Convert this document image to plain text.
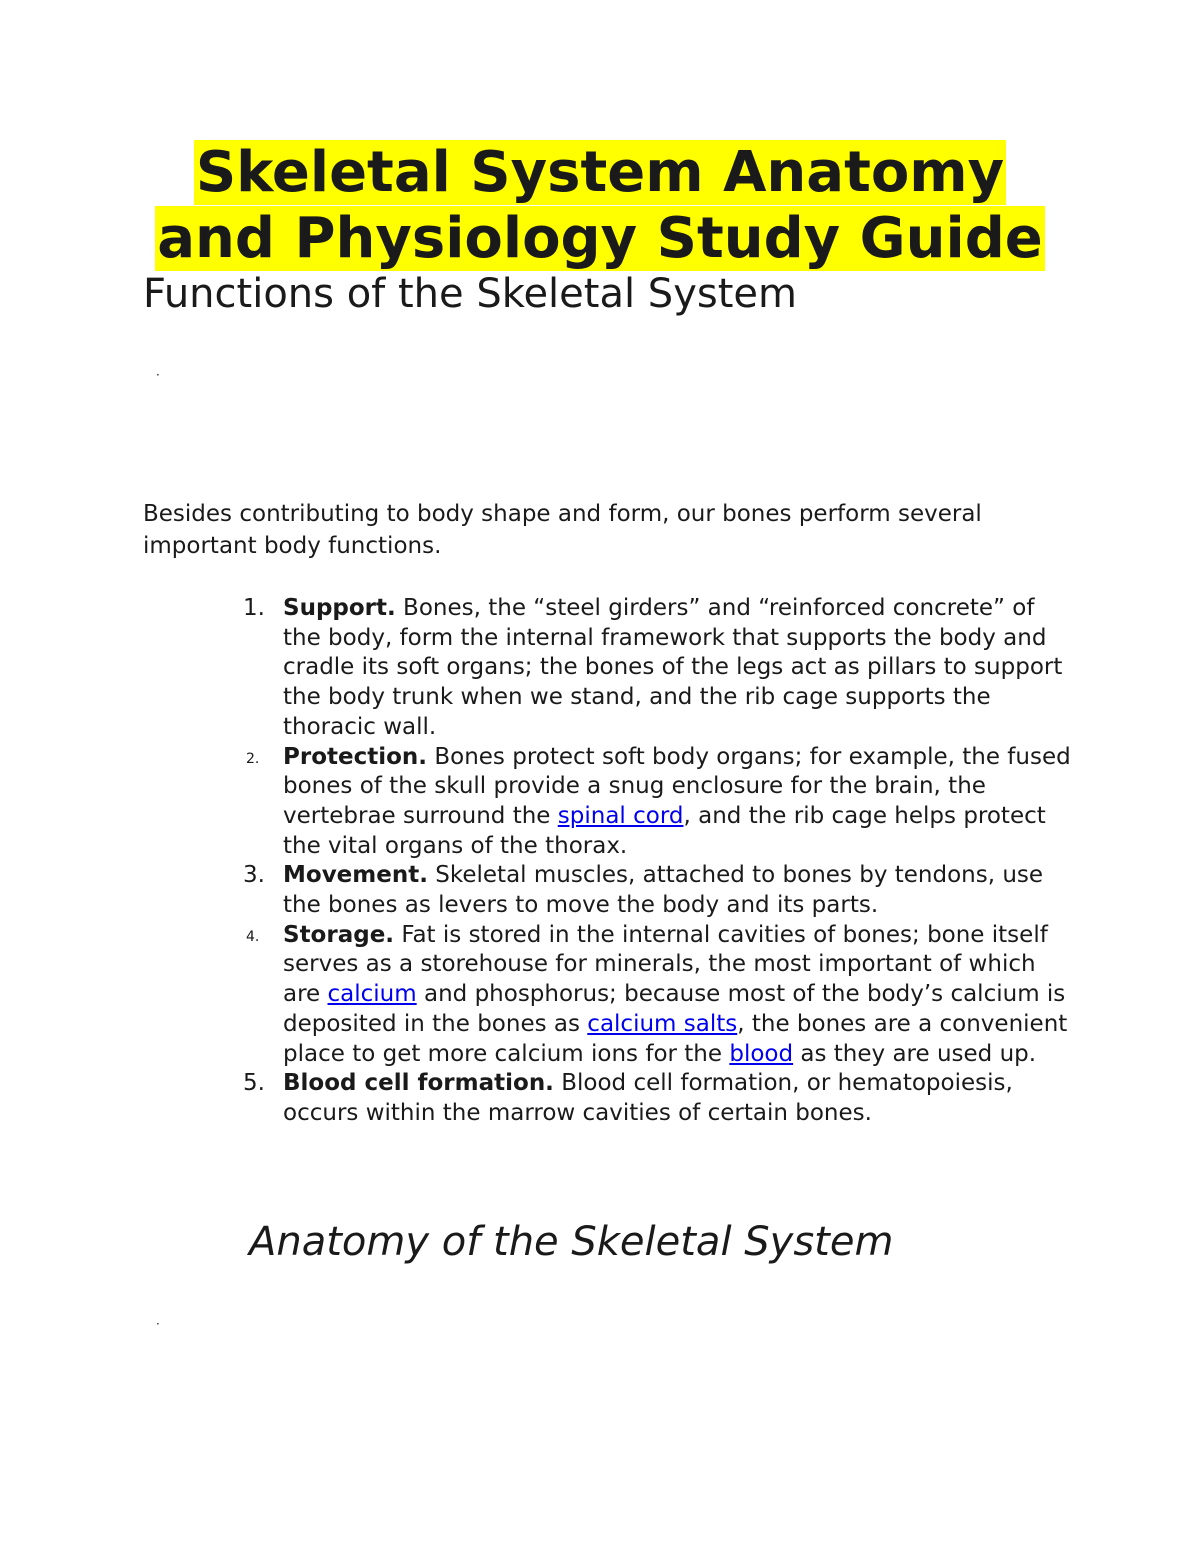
Skeletal System Anatomy
and Physiology Study Guide
Functions of the Skeletal System
·

Besides contributing to body shape and form, our bones perform several important body functions.

1. Support. Bones, the “steel girders” and “reinforced concrete” of the body, form the internal framework that supports the body and cradle its soft organs; the bones of the legs act as pillars to support the body trunk when we stand, and the rib cage supports the thoracic wall.
2. Protection. Bones protect soft body organs; for example, the fused bones of the skull provide a snug enclosure for the brain, the vertebrae surround the spinal cord, and the rib cage helps protect the vital organs of the thorax.
3. Movement. Skeletal muscles, attached to bones by tendons, use the bones as levers to move the body and its parts.
4. Storage. Fat is stored in the internal cavities of bones; bone itself serves as a storehouse for minerals, the most important of which are calcium and phosphorus; because most of the body’s calcium is deposited in the bones as calcium salts, the bones are a convenient place to get more calcium ions for the blood as they are used up.
5. Blood cell formation. Blood cell formation, or hematopoiesis, occurs within the marrow cavities of certain bones.
Anatomy of the Skeletal System
·
